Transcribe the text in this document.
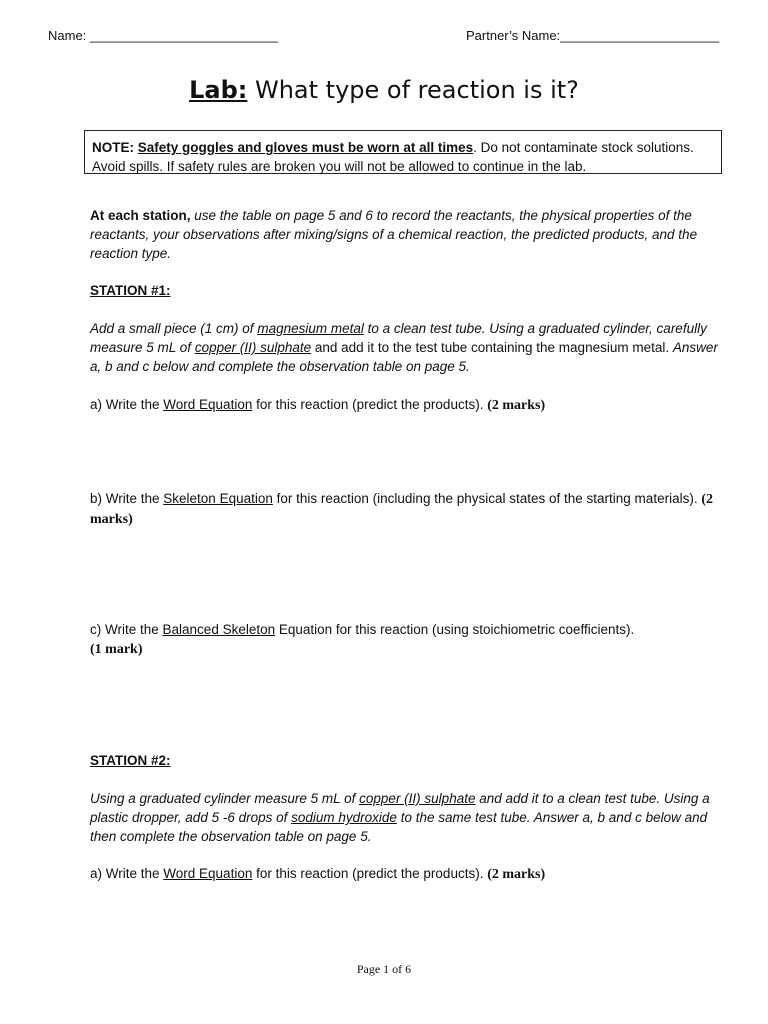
Name: __________________________	Partner’s Name:______________________
Lab: What type of reaction is it?
NOTE: Safety goggles and gloves must be worn at all times. Do not contaminate stock solutions. Avoid spills. If safety rules are broken you will not be allowed to continue in the lab.
At each station, use the table on page 5 and 6 to record the reactants, the physical properties of the reactants, your observations after mixing/signs of a chemical reaction, the predicted products, and the reaction type.
STATION #1:
Add a small piece (1 cm) of magnesium metal to a clean test tube. Using a graduated cylinder, carefully measure 5 mL of copper (II) sulphate and add it to the test tube containing the magnesium metal. Answer a, b and c below and complete the observation table on page 5.
a) Write the Word Equation for this reaction (predict the products). (2 marks)
b) Write the Skeleton Equation for this reaction (including the physical states of the starting materials). (2 marks)
c) Write the Balanced Skeleton Equation for this reaction (using stoichiometric coefficients).
(1 mark)
STATION #2:
Using a graduated cylinder measure 5 mL of copper (II) sulphate and add it to a clean test tube. Using a plastic dropper, add 5 -6 drops of sodium hydroxide to the same test tube. Answer a, b and c below and then complete the observation table on page 5.
a) Write the Word Equation for this reaction (predict the products). (2 marks)
Page 1 of 6
